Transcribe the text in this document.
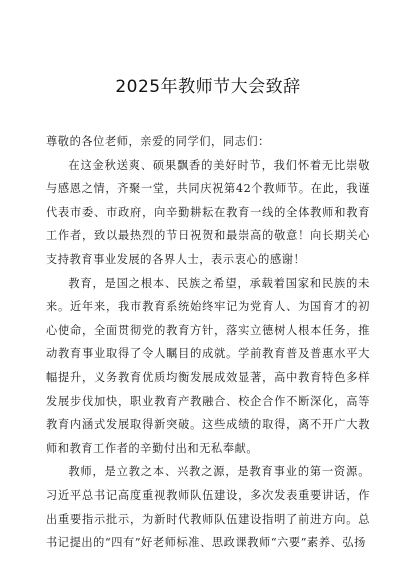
2025年教师节大会致辞

尊敬的各位老师，亲爱的同学们，同志们：

在这金秋送爽、硕果飘香的美好时节，我们怀着无比崇敬与感恩之情，齐聚一堂，共同庆祝第42个教师节。在此，我谨代表市委、市政府，向辛勤耕耘在教育一线的全体教师和教育工作者，致以最热烈的节日祝贺和最崇高的敬意！向长期关心支持教育事业发展的各界人士，表示衷心的感谢！

教育，是国之根本、民族之希望，承载着国家和民族的未来。近年来，我市教育系统始终牢记为党育人、为国育才的初心使命，全面贯彻党的教育方针，落实立德树人根本任务，推动教育事业取得了令人瞩目的成就。学前教育普及普惠水平大幅提升，义务教育优质均衡发展成效显著，高中教育特色多样发展步伐加快，职业教育产教融合、校企合作不断深化，高等教育内涵式发展取得新突破。这些成绩的取得，离不开广大教师和教育工作者的辛勤付出和无私奉献。

教师，是立教之本、兴教之源，是教育事业的第一资源。习近平总书记高度重视教师队伍建设，多次发表重要讲话，作出重要指示批示，为新时代教师队伍建设指明了前进方向。总书记提出的“四有”好老师标准、思政课教师“六要”素养、弘扬
